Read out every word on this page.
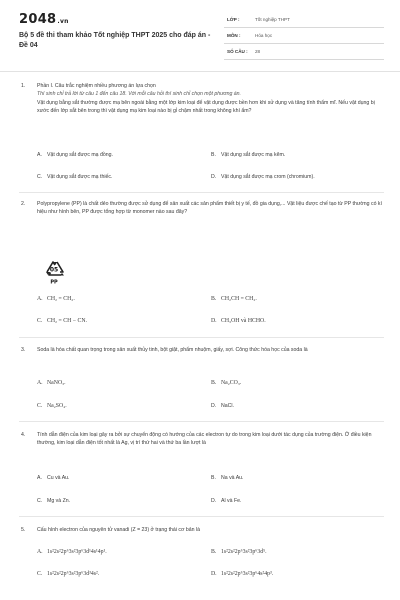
2048.vn
Bộ 5 đề thi tham khảo Tốt nghiệp THPT 2025 cho đáp án - Đề 04
LỚP :	Tốt nghiệp THPT
MÔN :	Hóa học
SỐ CÂU : 28
1. Phần I. Câu trắc nghiệm nhiều phương án lựa chọn
Thí sinh chỉ trả lời từ câu 1 đến câu 18. Với mỗi câu hỏi thí sinh chỉ chọn một phương án.
Vật dụng bằng sắt thường được mạ bên ngoài bằng một lớp kim loại để vật dụng được bền hơn khi sử dụng và tăng tính thẩm mĩ. Nếu vật dụng bị xước đến lớp sắt bên trong thì vật dụng mạ kim loại nào bị gỉ chậm nhất trong không khí ẩm?
A. Vật dụng sắt được mạ đồng.	B. Vật dụng sắt được mạ kẽm.
C. Vật dụng sắt được mạ thiếc.	D. Vật dụng sắt được mạ crom (chromium).
2. Polypropylene (PP) là chất dẻo thường được sử dụng để sản xuất các sản phẩm thiết bị y tế, đồ gia dụng,... Vật liệu được chế tạo từ PP thường có kí hiệu như hình bên, PP được tổng hợp từ monomer nào sau đây?
05
PP
A. CH₂ = CH₂.	B. CH₂CH = CH₂.
C. CH₂ = CH − CN.	D. CH₃OH và HCHO.
3. Soda là hóa chất quan trọng trong sản xuất thủy tinh, bột giặt, phẩm nhuộm, giấy, sợi. Công thức hóa học của soda là
A. NaNO₃.	B. Na₂CO₃.
C. Na₂SO₄.	D. NaCl.
4. Tính dẫn điện của kim loại gây ra bởi sự chuyển động có hướng của các electron tự do trong kim loại dưới tác dụng của trường điện. Ở điều kiện thường, kim loại dẫn điện tốt nhất là Ag, vị trí thứ hai và thứ ba lần lượt là
A. Cu và Au.	B. Na và Au.
C. Mg và Zn.	D. Al và Fe.
5. Cấu hình electron của nguyên tử vanadi (Z = 23) ở trạng thái cơ bản là
A. 1s²2s²2p⁶3s²3p⁶3d¹4s¹4p¹.	B. 1s²2s²2p⁶3s²3p⁶3d⁵.
C. 1s²2s²2p⁶3s²3p⁶3d³4s².	D. 1s²2s²2p⁶3s²3p⁶4s²4p³.
